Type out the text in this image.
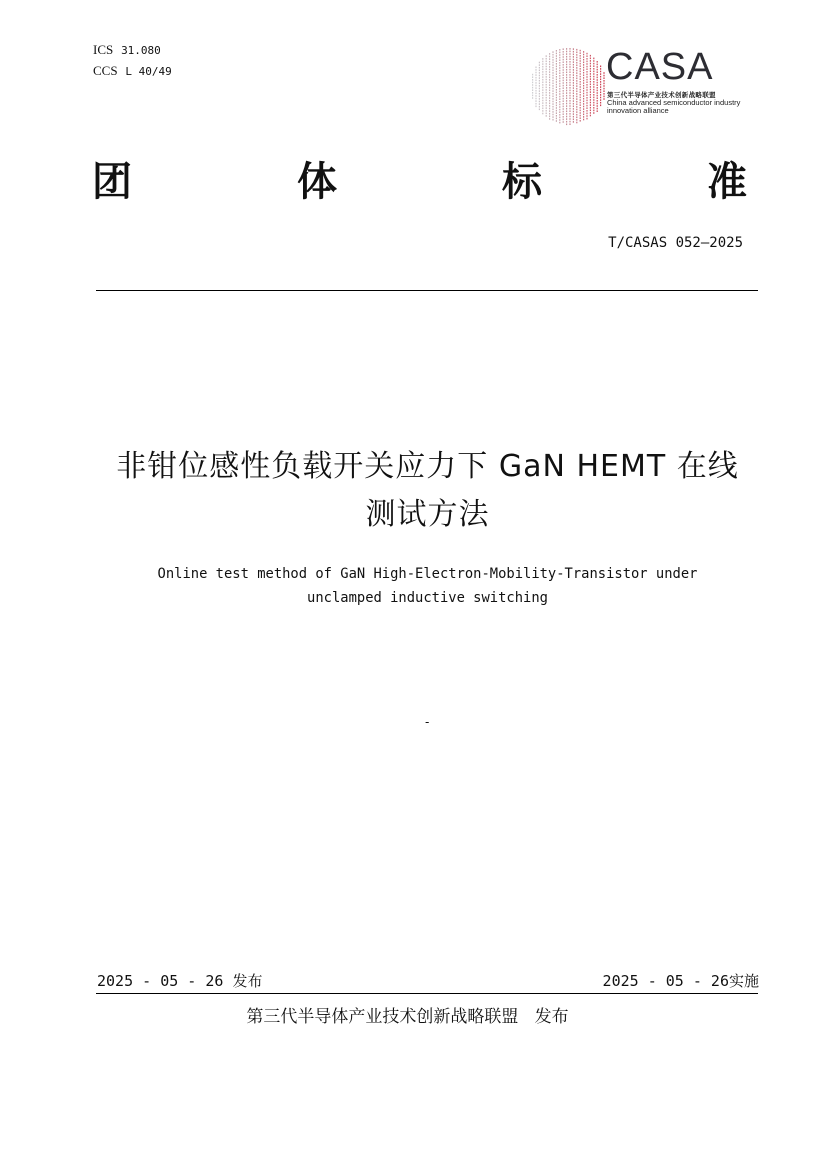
ICS 31.080
CCS L 40/49	CASA
第三代半导体产业技术创新战略联盟
China advanced semiconductor industry
innovation alliance
团	体	标	准
T/CASAS 052—2025
非钳位感性负载开关应力下 GaN HEMT 在线
测试方法
Online test method of GaN High-Electron-Mobility-Transistor under
unclamped inductive switching
-
2025 - 05 - 26 发布	2025 - 05 - 26实施
第三代半导体产业技术创新战略联盟   发布
